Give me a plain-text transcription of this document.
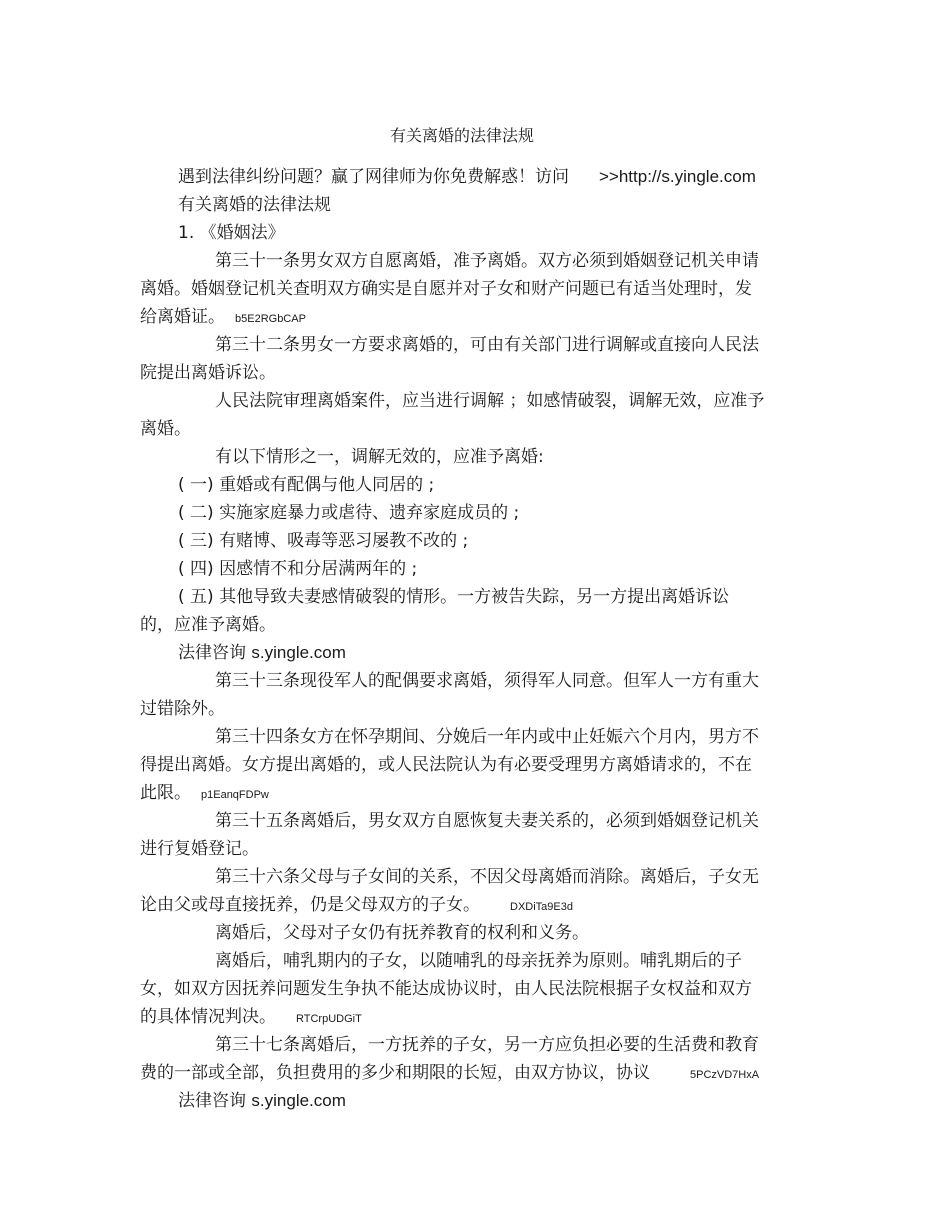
有关离婚的法律法规
遇到法律纠纷问题？赢了网律师为你免费解惑！访问 >>http://s.yingle.com
有关离婚的法律法规
1. 《婚姻法》
第三十一条男女双方自愿离婚，准予离婚。双方必须到婚姻登记机关申请
离婚。婚姻登记机关查明双方确实是自愿并对子女和财产问题已有适当处理时，发
给离婚证。 b5E2RGbCAP
第三十二条男女一方要求离婚的，可由有关部门进行调解或直接向人民法
院提出离婚诉讼。
人民法院审理离婚案件，应当进行调解 ；如感情破裂，调解无效，应准予
离婚。
有以下情形之一，调解无效的，应准予离婚:
( 一) 重婚或有配偶与他人同居的 ;
( 二) 实施家庭暴力或虐待、遗弃家庭成员的 ;
( 三) 有赌博、吸毒等恶习屡教不改的 ;
( 四) 因感情不和分居满两年的 ;
( 五) 其他导致夫妻感情破裂的情形。一方被告失踪，另一方提出离婚诉讼
的，应准予离婚。
法律咨询 s.yingle.com
第三十三条现役军人的配偶要求离婚，须得军人同意。但军人一方有重大
过错除外。
第三十四条女方在怀孕期间、分娩后一年内或中止妊娠六个月内，男方不
得提出离婚。女方提出离婚的，或人民法院认为有必要受理男方离婚请求的，不在
此限。 p1EanqFDPw
第三十五条离婚后，男女双方自愿恢复夫妻关系的，必须到婚姻登记机关
进行复婚登记。
第三十六条父母与子女间的关系，不因父母离婚而消除。离婚后，子女无
论由父或母直接抚养，仍是父母双方的子女。	DXDiTa9E3d
离婚后，父母对子女仍有抚养教育的权利和义务。
离婚后，哺乳期内的子女，以随哺乳的母亲抚养为原则。哺乳期后的子
女，如双方因抚养问题发生争执不能达成协议时，由人民法院根据子女权益和双方
的具体情况判决。 RTCrpUDGiT
第三十七条离婚后，一方抚养的子女，另一方应负担必要的生活费和教育
费的一部或全部，负担费用的多少和期限的长短，由双方协议，协议	5PCzVD7HxA
法律咨询 s.yingle.com
